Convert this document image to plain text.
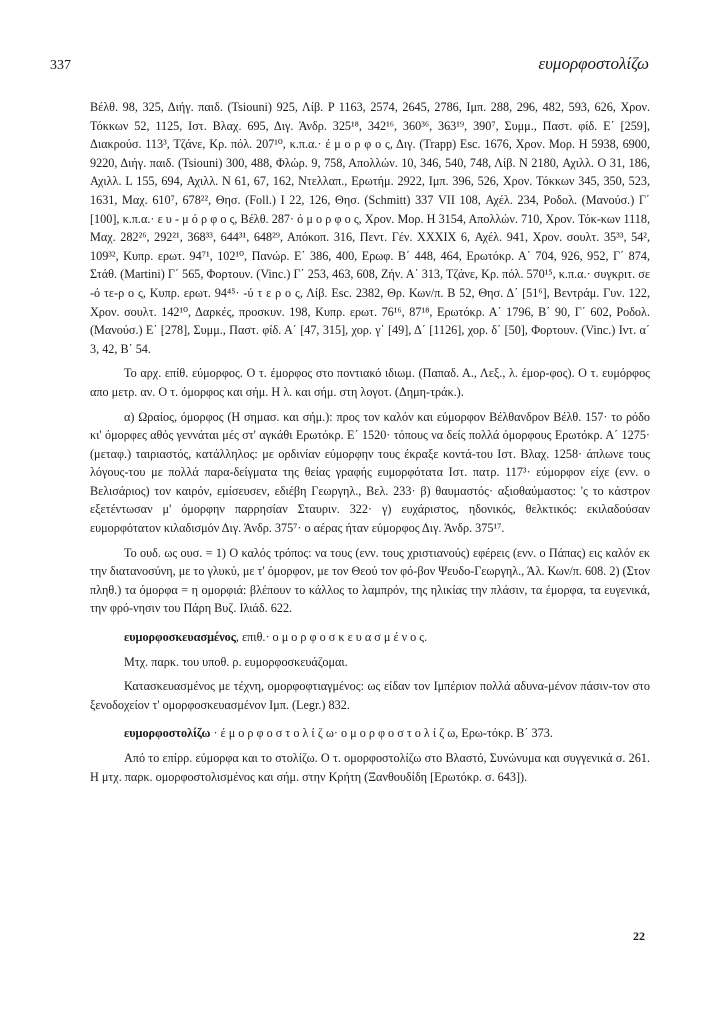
337	ευμορφοστολίζω

Βέλθ. 98, 325, Διήγ. παιδ. (Tsiouni) 925, Λίβ. P 1163, 2574, 2645, 2786, Ιμπ. 288, 296, 482, 593, 626, Χρον. Τόκκων 52, 1125, Ιστ. Βλαχ. 695, Διγ. Άνδρ. 325¹⁸, 342¹⁶, 360³⁶, 363¹⁹, 390⁷, Συμμ., Παστ. φίδ. Ε΄ [259], Διακρούσ. 113³, Τζάνε, Κρ. πόλ. 207¹⁰, κ.π.α.· έ μ ο ρ φ ο ς, Διγ. (Trapp) Esc. 1676, Χρον. Μορ. Η 5938, 6900, 9220, Διήγ. παιδ. (Tsiouni) 300, 488, Φλώρ. 9, 758, Απολλών. 10, 346, 540, 748, Λίβ. N 2180, Αχιλλ. Ο 31, 186, Αχιλλ. L 155, 694, Αχιλλ. Ν 61, 67, 162, Ντελλαπ., Ερωτήμ. 2922, Ιμπ. 396, 526, Χρον. Τόκκων 345, 350, 523, 1631, Μαχ. 610⁷, 678²², Θησ. (Foll.) Ι 22, 126, Θησ. (Schmitt) 337 VII 108, Αχέλ. 234, Ροδολ. (Μανούσ.) Γ΄ [100], κ.π.α.· ε υ - μ ό ρ φ ο ς, Βέλθ. 287· ό μ ο ρ φ ο ς, Χρον. Μορ. Η 3154, Απολλών. 710, Χρον. Τόκ-κων 1118, Μαχ. 282²⁶, 292²¹, 368³³, 644³¹, 648²⁹, Απόκοπ. 316, Πεντ. Γέν. XXXIX 6, Αχέλ. 941, Χρον. σουλτ. 35³³, 54², 109³², Κυπρ. ερωτ. 94⁷¹, 102¹⁰, Πανώρ. Ε΄ 386, 400, Ερωφ. Β΄ 448, 464, Ερωτόκρ. Α΄ 704, 926, 952, Γ΄ 874, Στάθ. (Martini) Γ΄ 565, Φορτουν. (Vinc.) Γ΄ 253, 463, 608, Ζήν. Α΄ 313, Τζάνε, Κρ. πόλ. 570¹⁵, κ.π.α.· συγκριτ. σε -ό τε-ρ ο ς, Κυπρ. ερωτ. 94⁴⁵· -ύ τ ε ρ ο ς, Λίβ. Esc. 2382, Θρ. Κων/π. Β 52, Θησ. Δ΄ [51⁶], Βεντράμ. Γυν. 122, Χρον. σουλτ. 142¹⁰, Δαρκές, προσκυν. 198, Κυπρ. ερωτ. 76¹⁶, 87¹⁸, Ερωτόκρ. Α΄ 1796, Β΄ 90, Γ΄ 602, Ροδολ. (Μανούσ.) Ε΄ [278], Συμμ., Παστ. φίδ. Α΄ [47, 315], χορ. γ΄ [49], Δ΄ [1126], χορ. δ΄ [50], Φορτουν. (Vinc.) Ιντ. α΄ 3, 42, Β΄ 54.

Το αρχ. επίθ. εύμορφος. Ο τ. έμορφος στο ποντιακό ιδιωμ. (Παπαδ. Α., Λεξ., λ. έμορ-φος). Ο τ. ευμόρφος απο μετρ. αν. Ο τ. όμορφος και σήμ. Η λ. και σήμ. στη λογοτ. (Δημη-τράκ.).

α) Ωραίος, όμορφος (Η σημασ. και σήμ.): προς τον καλόν και εύμορφον Βέλθανδρον Βέλθ. 157· το ρόδο κι' όμορφες αθός γεννάται μές στ' αγκάθι Ερωτόκρ. Ε΄ 1520· τόπους να δείς πολλά όμορφους Ερωτόκρ. Α΄ 1275· (μεταφ.) ταιριαστός, κατάλληλος: με ορδινίαν εύμορφην τους έκραξε κοντά-του Ιστ. Βλαχ. 1258· άπλωνε τους λόγους-του με πολλά παρα-δείγματα της θείας γραφής ευμορφότατα Ιστ. πατρ. 117³· εύμορφον είχε (ενν. ο Βελισάριος) τον καιρόν, εμίσευσεν, εδιέβη Γεωργηλ., Βελ. 233· β) θαυμαστός· αξιοθαύμαστος: 'ς το κάστρον εξετέντωσαν μ' όμορφην παρρησίαν Σταυριν. 322· γ) ευχάριστος, ηδονικός, θελκτικός: εκιλαδούσαν ευμορφότατον κιλαδισμόν Διγ. Άνδρ. 375⁷· ο αέρας ήταν εύμορφος Διγ. Άνδρ. 375¹⁷.

Το ουδ. ως ουσ. = 1) Ο καλός τρόπος: να τους (ενν. τους χριστιανούς) εφέρεις (ενν. ο Πάπας) εις καλόν εκ την διατανοσύνη, με το γλυκύ, με τ' όμορφον, με τον Θεού τον φό-βον Ψευδο-Γεωργηλ., Άλ. Κων/π. 608. 2) (Στον πληθ.) τα όμορφα = η ομορφιά: βλέπουν το κάλλος το λαμπρόν, της ηλικίας την πλάσιν, τα έμορφα, τα ευγενικά, την φρό-νησιν του Πάρη Βυζ. Ιλιάδ. 622.

ευμορφοσκευασμένος, επιθ.· ο μ ο ρ φ ο σ κ ε υ α σ μ έ ν ο ς.

Μτχ. παρκ. του υποθ. ρ. ευμορφοσκευάζομαι.

Κατασκευασμένος με τέχνη, ομορφοφτιαγμένος: ως είδαν τον Ιμπέριον πολλά αδυνα-μένον πάσιν-τον στο ξενοδοχείον τ' ομορφοσκευασμένον Ιμπ. (Legr.) 832.

ευμορφοστολίζω · έ μ ο ρ φ ο σ τ ο λ ί ζ ω· ο μ ο ρ φ ο σ τ ο λ ί ζ ω, Ερω-τόκρ. Β΄ 373.

Από το επίρρ. εύμορφα και το στολίζω. Ο τ. ομορφοστολίζω στο Βλαστό, Συνώνυμα και συγγενικά σ. 261. Η μτχ. παρκ. ομορφοστολισμένος και σήμ. στην Κρήτη (Ξανθουδίδη [Ερωτόκρ. σ. 643]).

22
